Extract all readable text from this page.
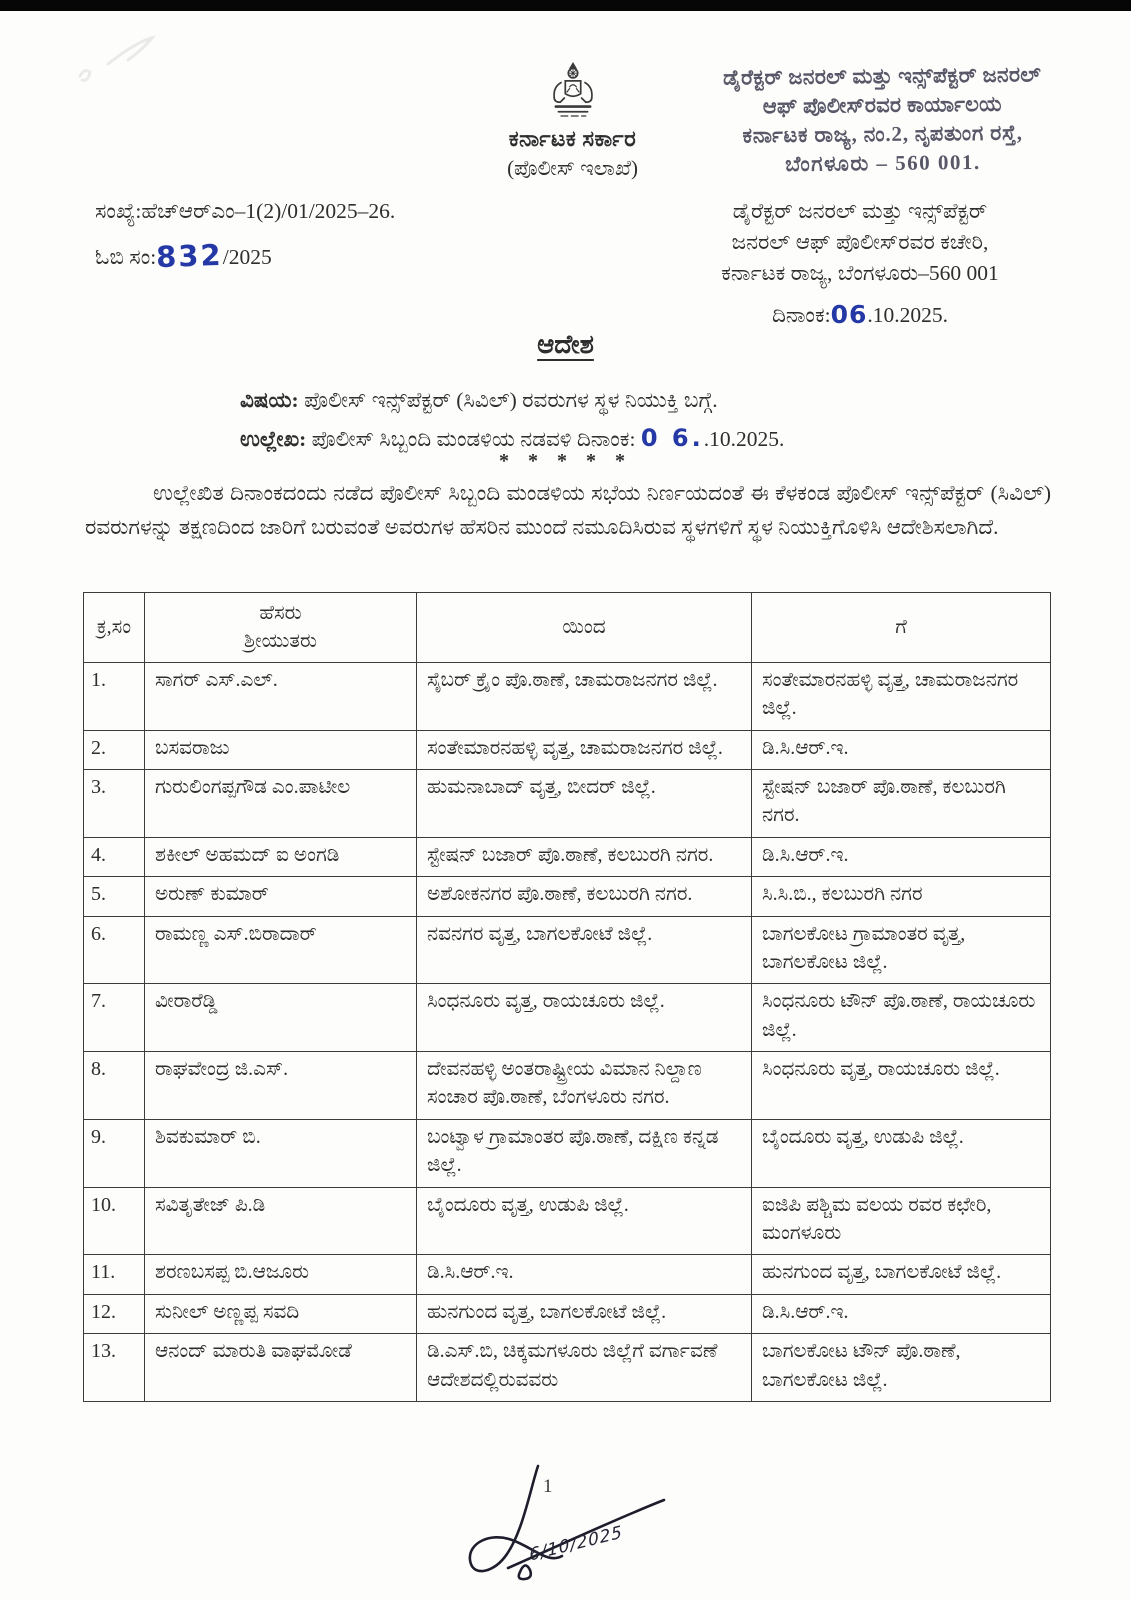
ಕರ್ನಾಟಕ ಸರ್ಕಾರ
(ಪೊಲೀಸ್ ಇಲಾಖೆ)
ಡೈರೆಕ್ಟರ್ ಜನರಲ್ ಮತ್ತು ಇನ್ಸ್‌ಪೆಕ್ಟರ್ ಜನರಲ್
ಆಫ್ ಪೊಲೀಸ್‌ರವರ ಕಾರ್ಯಾಲಯ
ಕರ್ನಾಟಕ ರಾಜ್ಯ, ನಂ.2, ನೃಪತುಂಗ ರಸ್ತೆ,
ಬೆಂಗಳೂರು – 560 001.
ಸಂಖ್ಯೆ:ಹೆಚ್‌ಆರ್‌ಎಂ–1(2)/01/2025–26.
ಓಬಿ ಸಂ:832/2025
ಡೈರೆಕ್ಟರ್ ಜನರಲ್ ಮತ್ತು ಇನ್ಸ್‌ಪೆಕ್ಟರ್
ಜನರಲ್ ಆಫ್ ಪೊಲೀಸ್‌ರವರ ಕಚೇರಿ,
ಕರ್ನಾಟಕ ರಾಜ್ಯ, ಬೆಂಗಳೂರು–560 001
ದಿನಾಂಕ:06.10.2025.
ಆದೇಶ
ವಿಷಯ: ಪೊಲೀಸ್ ಇನ್ಸ್‌ಪೆಕ್ಟರ್ (ಸಿವಿಲ್) ರವರುಗಳ ಸ್ಥಳ ನಿಯುಕ್ತಿ ಬಗ್ಗೆ.
ಉಲ್ಲೇಖ: ಪೊಲೀಸ್ ಸಿಬ್ಬಂದಿ ಮಂಡಳಿಯ ನಡವಳಿ ದಿನಾಂಕ: 0 6..10.2025.
* * * * *
ಉಲ್ಲೇಖಿತ ದಿನಾಂಕದಂದು ನಡೆದ ಪೊಲೀಸ್ ಸಿಬ್ಬಂದಿ ಮಂಡಳಿಯ ಸಭೆಯ ನಿರ್ಣಯದಂತೆ ಈ ಕೆಳಕಂಡ ಪೊಲೀಸ್ ಇನ್ಸ್‌ಪೆಕ್ಟರ್ (ಸಿವಿಲ್) ರವರುಗಳನ್ನು ತಕ್ಷಣದಿಂದ ಜಾರಿಗೆ ಬರುವಂತೆ ಅವರುಗಳ ಹೆಸರಿನ ಮುಂದೆ ನಮೂದಿಸಿರುವ ಸ್ಥಳಗಳಿಗೆ ಸ್ಥಳ ನಿಯುಕ್ತಿಗೊಳಿಸಿ ಆದೇಶಿಸಲಾಗಿದೆ.
ಕ್ರ,ಸಂ	ಹೆಸರು
ಶ್ರೀಯುತರು	ಯಿಂದ	ಗೆ
1.	ಸಾಗರ್ ಎಸ್.ಎಲ್.	ಸೈಬರ್ ಕ್ರೈಂ ಪೊ.ಠಾಣೆ, ಚಾಮರಾಜನಗರ ಜಿಲ್ಲೆ.	ಸಂತೇಮಾರನಹಳ್ಳಿ ವೃತ್ತ, ಚಾಮರಾಜನಗರ ಜಿಲ್ಲೆ.
2.	ಬಸವರಾಜು	ಸಂತೇಮಾರನಹಳ್ಳಿ ವೃತ್ತ, ಚಾಮರಾಜನಗರ ಜಿಲ್ಲೆ.	ಡಿ.ಸಿ.ಆರ್.ಇ.
3.	ಗುರುಲಿಂಗಪ್ಪಗೌಡ ಎಂ.ಪಾಟೀಲ	ಹುಮನಾಬಾದ್ ವೃತ್ತ, ಬೀದರ್ ಜಿಲ್ಲೆ.	ಸ್ಟೇಷನ್ ಬಜಾರ್ ಪೊ.ಠಾಣೆ, ಕಲಬುರಗಿ ನಗರ.
4.	ಶಕೀಲ್ ಅಹಮದ್ ಐ ಅಂಗಡಿ	ಸ್ಟೇಷನ್ ಬಜಾರ್ ಪೊ.ಠಾಣೆ, ಕಲಬುರಗಿ ನಗರ.	ಡಿ.ಸಿ.ಆರ್.ಇ.
5.	ಅರುಣ್ ಕುಮಾರ್	ಅಶೋಕನಗರ ಪೊ.ಠಾಣೆ, ಕಲಬುರಗಿ ನಗರ.	ಸಿ.ಸಿ.ಬಿ., ಕಲಬುರಗಿ ನಗರ
6.	ರಾಮಣ್ಣ ಎಸ್.ಬಿರಾದಾರ್	ನವನಗರ ವೃತ್ತ, ಬಾಗಲಕೋಟೆ ಜಿಲ್ಲೆ.	ಬಾಗಲಕೋಟ ಗ್ರಾಮಾಂತರ ವೃತ್ತ, ಬಾಗಲಕೋಟ ಜಿಲ್ಲೆ.
7.	ವೀರಾರೆಡ್ಡಿ	ಸಿಂಧನೂರು ವೃತ್ತ, ರಾಯಚೂರು ಜಿಲ್ಲೆ.	ಸಿಂಧನೂರು ಟೌನ್ ಪೊ.ಠಾಣೆ, ರಾಯಚೂರು ಜಿಲ್ಲೆ.
8.	ರಾಘವೇಂದ್ರ ಜಿ.ಎಸ್.	ದೇವನಹಳ್ಳಿ ಅಂತರಾಷ್ಟ್ರೀಯ ವಿಮಾನ ನಿಲ್ದಾಣ ಸಂಚಾರ ಪೊ.ಠಾಣೆ, ಬೆಂಗಳೂರು ನಗರ.	ಸಿಂಧನೂರು ವೃತ್ತ, ರಾಯಚೂರು ಜಿಲ್ಲೆ.
9.	ಶಿವಕುಮಾರ್ ಬಿ.	ಬಂಟ್ವಾಳ ಗ್ರಾಮಾಂತರ ಪೊ.ಠಾಣೆ, ದಕ್ಷಿಣ ಕನ್ನಡ ಜಿಲ್ಲೆ.	ಬೈಂದೂರು ವೃತ್ತ, ಉಡುಪಿ ಜಿಲ್ಲೆ.
10.	ಸವಿತೃತೇಜ್ ಪಿ.ಡಿ	ಬೈಂದೂರು ವೃತ್ತ, ಉಡುಪಿ ಜಿಲ್ಲೆ.	ಐಜಿಪಿ ಪಶ್ಚಿಮ ವಲಯ ರವರ ಕಛೇರಿ, ಮಂಗಳೂರು
11.	ಶರಣಬಸಪ್ಪ ಬಿ.ಆಜೂರು	ಡಿ.ಸಿ.ಆರ್.ಇ.	ಹುನಗುಂದ ವೃತ್ತ, ಬಾಗಲಕೋಟೆ ಜಿಲ್ಲೆ.
12.	ಸುನೀಲ್ ಅಣ್ಣಪ್ಪ ಸವದಿ	ಹುನಗುಂದ ವೃತ್ತ, ಬಾಗಲಕೋಟೆ ಜಿಲ್ಲೆ.	ಡಿ.ಸಿ.ಆರ್.ಇ.
13.	ಆನಂದ್ ಮಾರುತಿ ವಾಘಮೋಡೆ	ಡಿ.ಎಸ್.ಬಿ, ಚಿಕ್ಕಮಗಳೂರು ಜಿಲ್ಲೆಗೆ ವರ್ಗಾವಣೆ ಆದೇಶದಲ್ಲಿರುವವರು	ಬಾಗಲಕೋಟ ಟೌನ್ ಪೊ.ಠಾಣೆ, ಬಾಗಲಕೋಟ ಜಿಲ್ಲೆ.
1
6/10/2025
